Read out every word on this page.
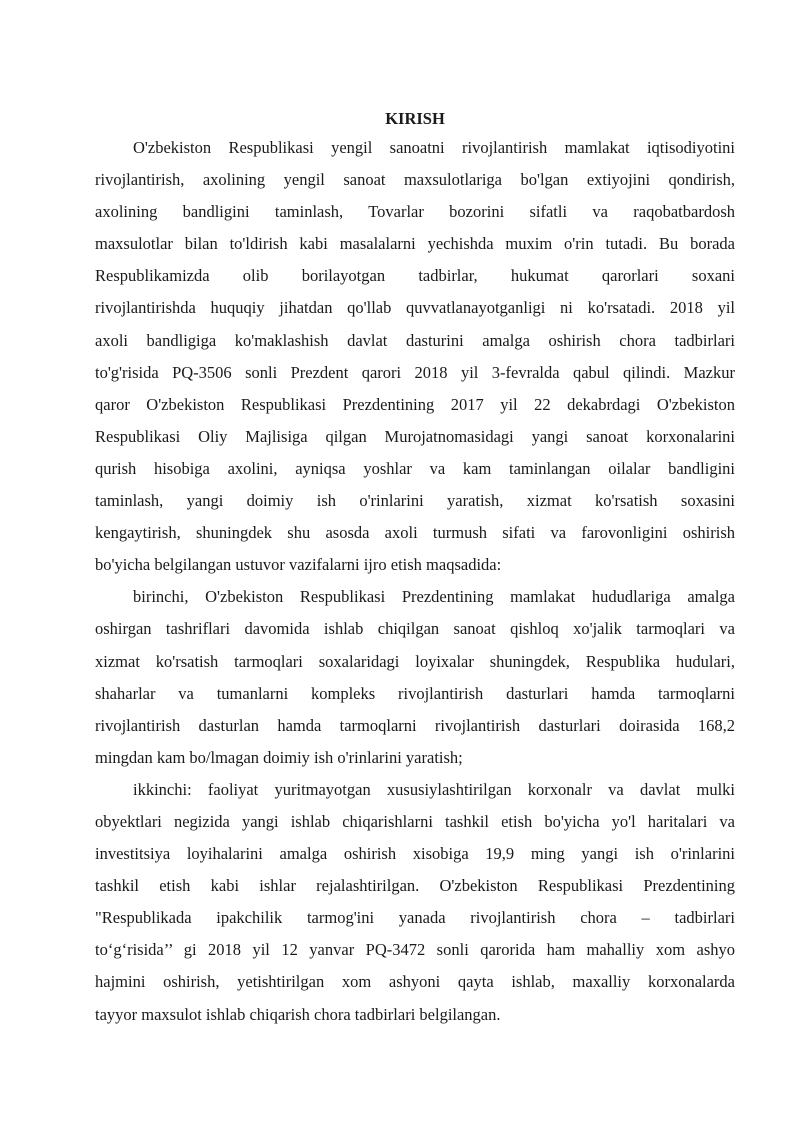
KIRISH
O'zbekiston Respublikasi yengil sanoatni rivojlantirish mamlakat iqtisodiyotini
rivojlantirish, axolining yengil sanoat maxsulotlariga bo'lgan extiyojini qondirish,
axolining bandligini taminlash, Tovarlar bozorini sifatli va raqobatbardosh
maxsulotlar bilan to'ldirish kabi masalalarni yechishda muxim o'rin tutadi. Bu borada
Respublikamizda olib borilayotgan tadbirlar, hukumat qarorlari soxani
rivojlantirishda huquqiy jihatdan qo'llab quvvatlanayotganligi ni ko'rsatadi. 2018 yil
axoli bandligiga ko'maklashish davlat dasturini amalga oshirish chora tadbirlari
to'g'risida PQ-3506 sonli Prezdent qarori 2018 yil 3-fevralda qabul qilindi. Mazkur
qaror O'zbekiston Respublikasi Prezdentining 2017 yil 22 dekabrdagi O'zbekiston
Respublikasi Oliy Majlisiga qilgan Murojatnomasidagi yangi sanoat korxonalarini
qurish hisobiga axolini, ayniqsa yoshlar va kam taminlangan oilalar bandligini
taminlash, yangi doimiy ish o'rinlarini yaratish, xizmat ko'rsatish soxasini
kengaytirish, shuningdek shu asosda axoli turmush sifati va farovonligini oshirish
bo'yicha belgilangan ustuvor vazifalarni ijro etish maqsadida:
birinchi, O'zbekiston Respublikasi Prezdentining mamlakat hududlariga amalga
oshirgan tashriflari davomida ishlab chiqilgan sanoat qishloq xo'jalik tarmoqlari va
xizmat ko'rsatish tarmoqlari soxalaridagi loyixalar shuningdek, Respublika hudulari,
shaharlar va tumanlarni kompleks rivojlantirish dasturlari hamda tarmoqlarni
rivojlantirish dasturlan hamda tarmoqlarni rivojlantirish dasturlari doirasida 168,2
mingdan kam bo/lmagan doimiy ish o'rinlarini yaratish;
ikkinchi: faoliyat yuritmayotgan xususiylashtirilgan korxonalr va davlat mulki
obyektlari negizida yangi ishlab chiqarishlarni tashkil etish bo'yicha yo'l haritalari va
investitsiya loyihalarini amalga oshirish xisobiga 19,9 ming yangi ish o'rinlarini
tashkil etish kabi ishlar rejalashtirilgan. O'zbekiston Respublikasi Prezdentining
"Respublikada ipakchilik tarmog'ini yanada rivojlantirish chora – tadbirlari
to‘g‘risida’’ gi 2018 yil 12 yanvar PQ-3472 sonli qarorida ham mahalliy xom ashyo
hajmini oshirish, yetishtirilgan xom ashyoni qayta ishlab, maxalliy korxonalarda
tayyor maxsulot ishlab chiqarish chora tadbirlari belgilangan.
